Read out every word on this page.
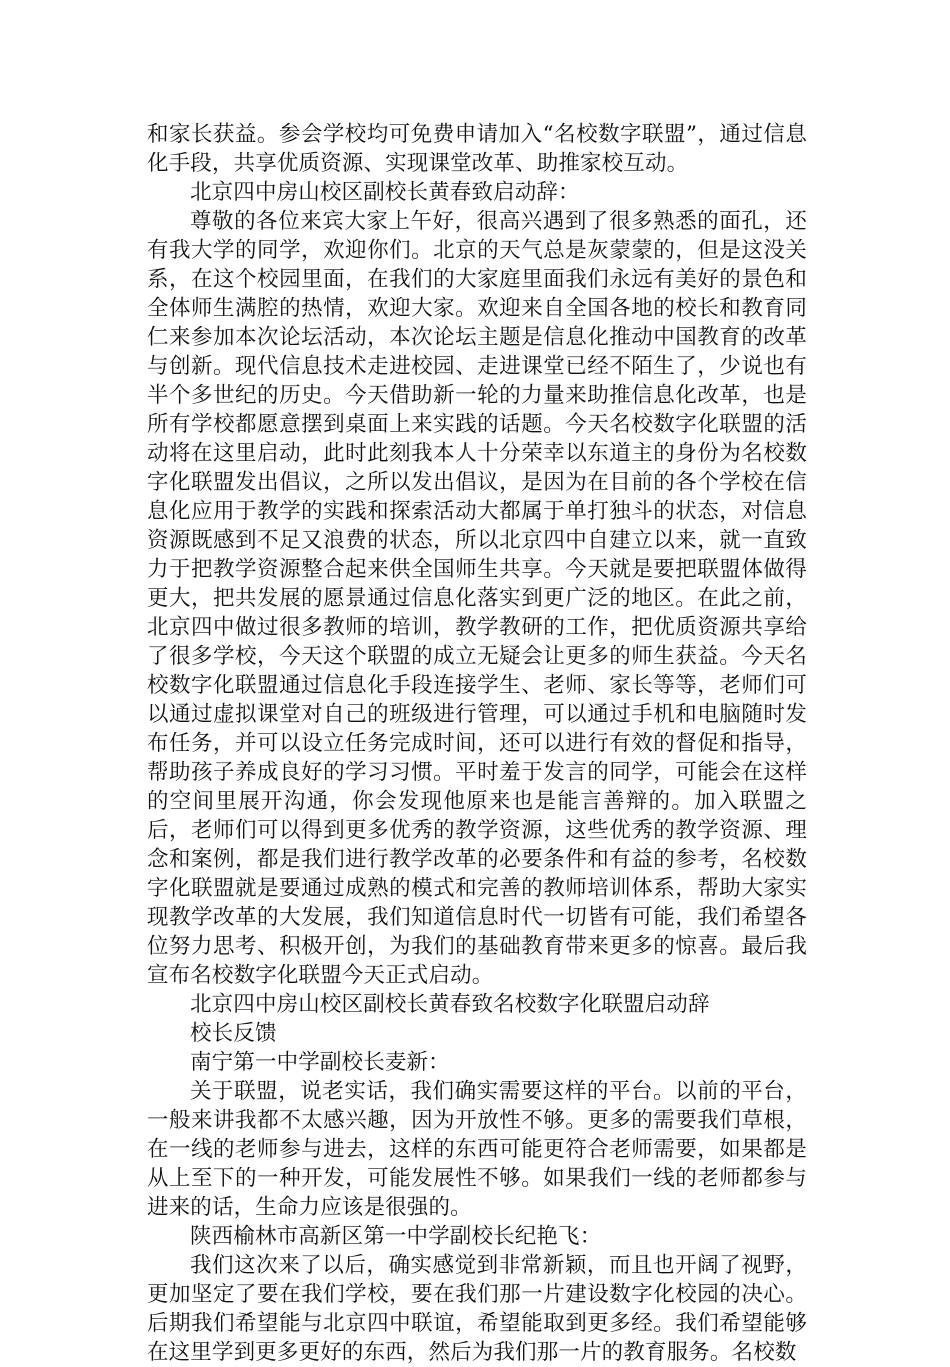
和家长获益。参会学校均可免费申请加入“名校数字联盟”，通过信息化手段，共享优质资源、实现课堂改革、助推家校互动。

北京四中房山校区副校长黄春致启动辞：

尊敬的各位来宾大家上午好，很高兴遇到了很多熟悉的面孔，还有我大学的同学，欢迎你们。北京的天气总是灰蒙蒙的，但是这没关系，在这个校园里面，在我们的大家庭里面我们永远有美好的景色和全体师生满腔的热情，欢迎大家。欢迎来自全国各地的校长和教育同仁来参加本次论坛活动，本次论坛主题是信息化推动中国教育的改革与创新。现代信息技术走进校园、走进课堂已经不陌生了，少说也有半个多世纪的历史。今天借助新一轮的力量来助推信息化改革，也是所有学校都愿意摆到桌面上来实践的话题。今天名校数字化联盟的活动将在这里启动，此时此刻我本人十分荣幸以东道主的身份为名校数字化联盟发出倡议，之所以发出倡议，是因为在目前的各个学校在信息化应用于教学的实践和探索活动大都属于单打独斗的状态，对信息资源既感到不足又浪费的状态，所以北京四中自建立以来，就一直致力于把教学资源整合起来供全国师生共享。今天就是要把联盟体做得更大，把共发展的愿景通过信息化落实到更广泛的地区。在此之前，北京四中做过很多教师的培训，教学教研的工作，把优质资源共享给了很多学校，今天这个联盟的成立无疑会让更多的师生获益。今天名校数字化联盟通过信息化手段连接学生、老师、家长等等，老师们可以通过虚拟课堂对自己的班级进行管理，可以通过手机和电脑随时发布任务，并可以设立任务完成时间，还可以进行有效的督促和指导，帮助孩子养成良好的学习习惯。平时羞于发言的同学，可能会在这样的空间里展开沟通，你会发现他原来也是能言善辩的。加入联盟之后，老师们可以得到更多优秀的教学资源，这些优秀的教学资源、理念和案例，都是我们进行教学改革的必要条件和有益的参考，名校数字化联盟就是要通过成熟的模式和完善的教师培训体系，帮助大家实现教学改革的大发展，我们知道信息时代一切皆有可能，我们希望各位努力思考、积极开创，为我们的基础教育带来更多的惊喜。最后我宣布名校数字化联盟今天正式启动。

北京四中房山校区副校长黄春致名校数字化联盟启动辞

校长反馈

南宁第一中学副校长麦新：

关于联盟，说老实话，我们确实需要这样的平台。以前的平台，一般来讲我都不太感兴趣，因为开放性不够。更多的需要我们草根，在一线的老师参与进去，这样的东西可能更符合老师需要，如果都是从上至下的一种开发，可能发展性不够。如果我们一线的老师都参与进来的话，生命力应该是很强的。

陕西榆林市高新区第一中学副校长纪艳飞：

我们这次来了以后，确实感觉到非常新颖，而且也开阔了视野，更加坚定了要在我们学校，要在我们那一片建设数字化校园的决心。后期我们希望能与北京四中联谊，希望能取到更多经。我们希望能够在这里学到更多更好的东西，然后为我们那一片的教育服务。名校数
